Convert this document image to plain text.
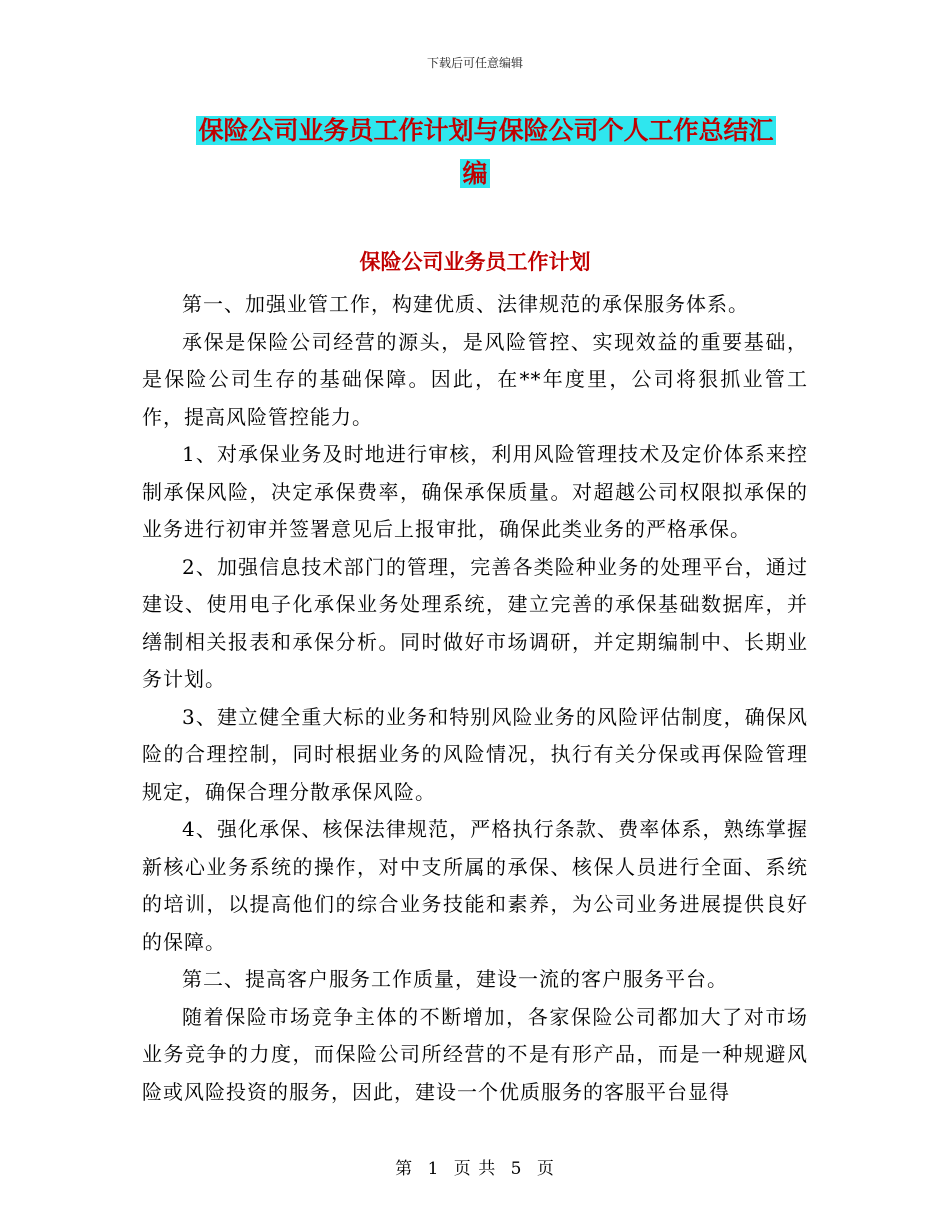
下载后可任意编辑
保险公司业务员工作计划与保险公司个人工作总结汇
编
保险公司业务员工作计划

第一、加强业管工作，构建优质、法律规范的承保服务体系。

承保是保险公司经营的源头，是风险管控、实现效益的重要基础，是保险公司生存的基础保障。因此，在**年度里，公司将狠抓业管工作，提高风险管控能力。

1、对承保业务及时地进行审核，利用风险管理技术及定价体系来控制承保风险，决定承保费率，确保承保质量。对超越公司权限拟承保的业务进行初审并签署意见后上报审批，确保此类业务的严格承保。

2、加强信息技术部门的管理，完善各类险种业务的处理平台，通过建设、使用电子化承保业务处理系统，建立完善的承保基础数据库，并缮制相关报表和承保分析。同时做好市场调研，并定期编制中、长期业务计划。

3、建立健全重大标的业务和特别风险业务的风险评估制度，确保风险的合理控制，同时根据业务的风险情况，执行有关分保或再保险管理规定，确保合理分散承保风险。

4、强化承保、核保法律规范，严格执行条款、费率体系，熟练掌握新核心业务系统的操作，对中支所属的承保、核保人员进行全面、系统的培训，以提高他们的综合业务技能和素养，为公司业务进展提供良好的保障。

第二、提高客户服务工作质量，建设一流的客户服务平台。

随着保险市场竞争主体的不断增加，各家保险公司都加大了对市场业务竞争的力度，而保险公司所经营的不是有形产品，而是一种规避风险或风险投资的服务，因此，建设一个优质服务的客服平台显得

第 1 页 共 5 页
